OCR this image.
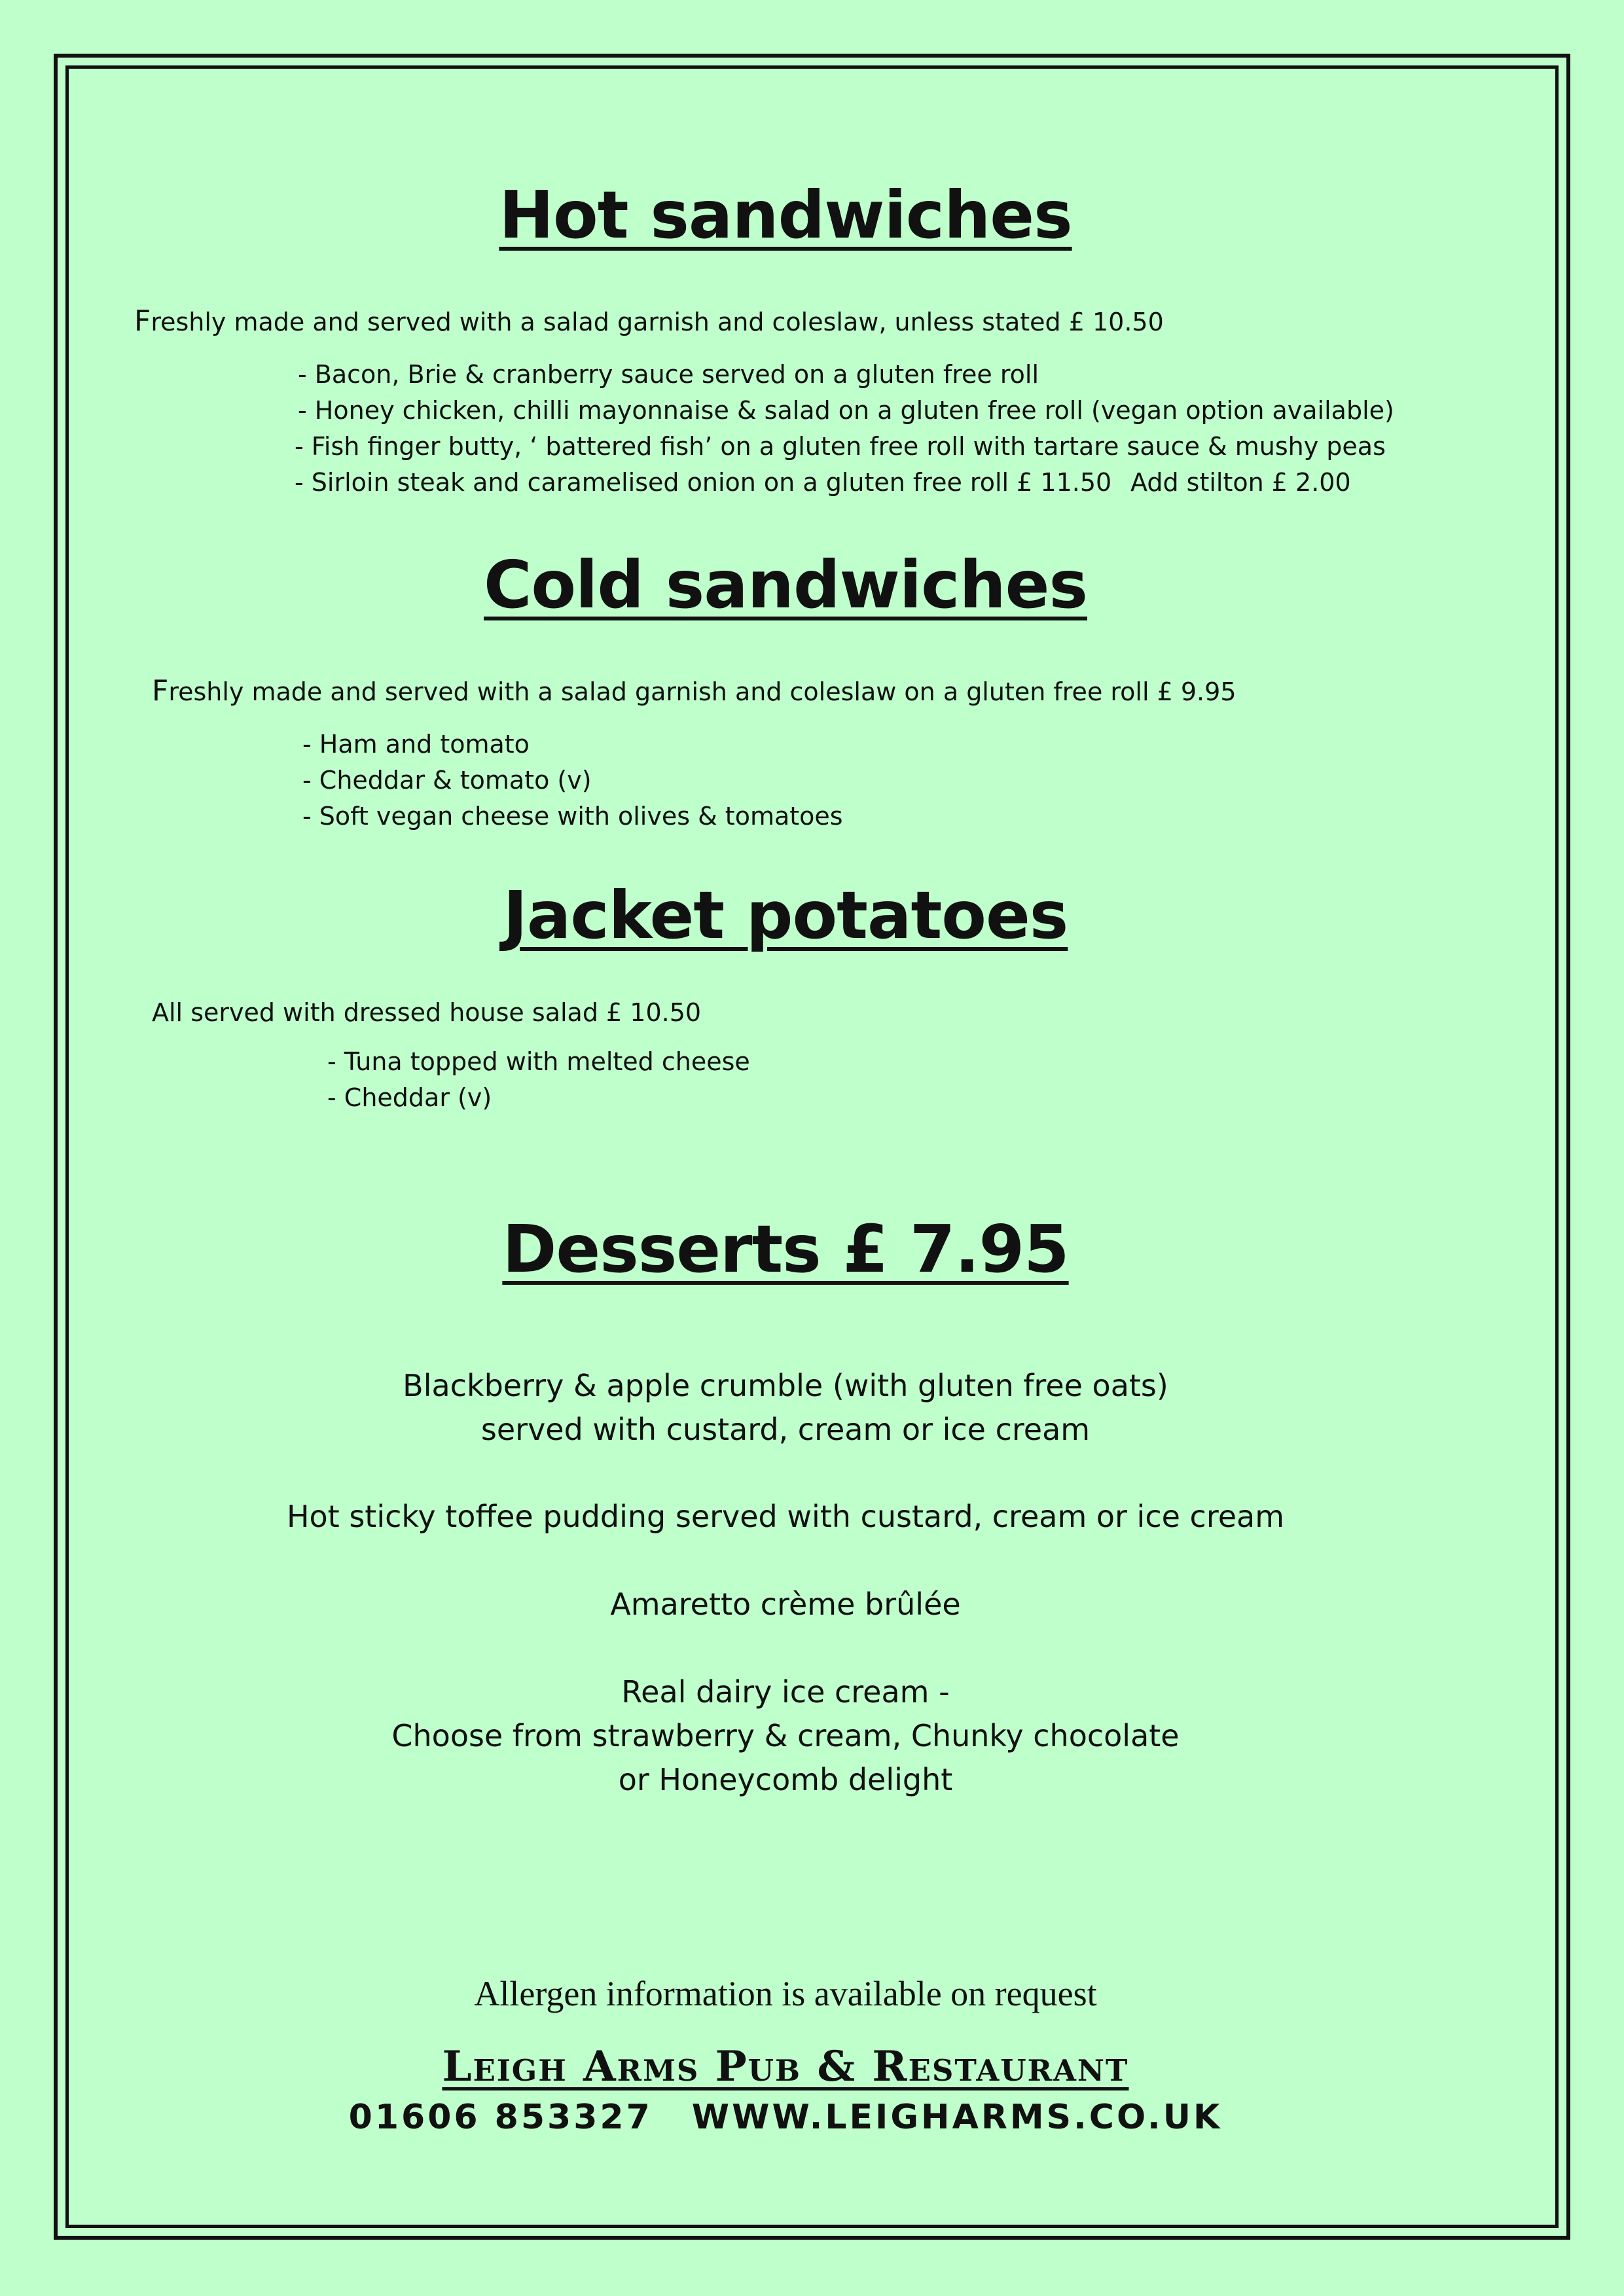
Hot sandwiches
Freshly made and served with a salad garnish and coleslaw, unless stated £ 10.50
- Bacon, Brie & cranberry sauce served on a gluten free roll
- Honey chicken, chilli mayonnaise & salad on a gluten free roll (vegan option available)
- Fish finger butty, ‘ battered fish’ on a gluten free roll with tartare sauce & mushy peas
- Sirloin steak and caramelised onion on a gluten free roll £ 11.50 Add stilton £ 2.00
Cold sandwiches
Freshly made and served with a salad garnish and coleslaw on a gluten free roll £ 9.95
- Ham and tomato
- Cheddar & tomato (v)
- Soft vegan cheese with olives & tomatoes
Jacket potatoes
All served with dressed house salad £ 10.50
- Tuna topped with melted cheese
- Cheddar (v)
Desserts £ 7.95
Blackberry & apple crumble (with gluten free oats)
served with custard, cream or ice cream
Hot sticky toffee pudding served with custard, cream or ice cream
Amaretto crème brûlée
Real dairy ice cream -
Choose from strawberry & cream, Chunky chocolate
or Honeycomb delight
Allergen information is available on request
Leigh Arms Pub & Restaurant
01606 853327 WWW.LEIGHARMS.CO.UK
